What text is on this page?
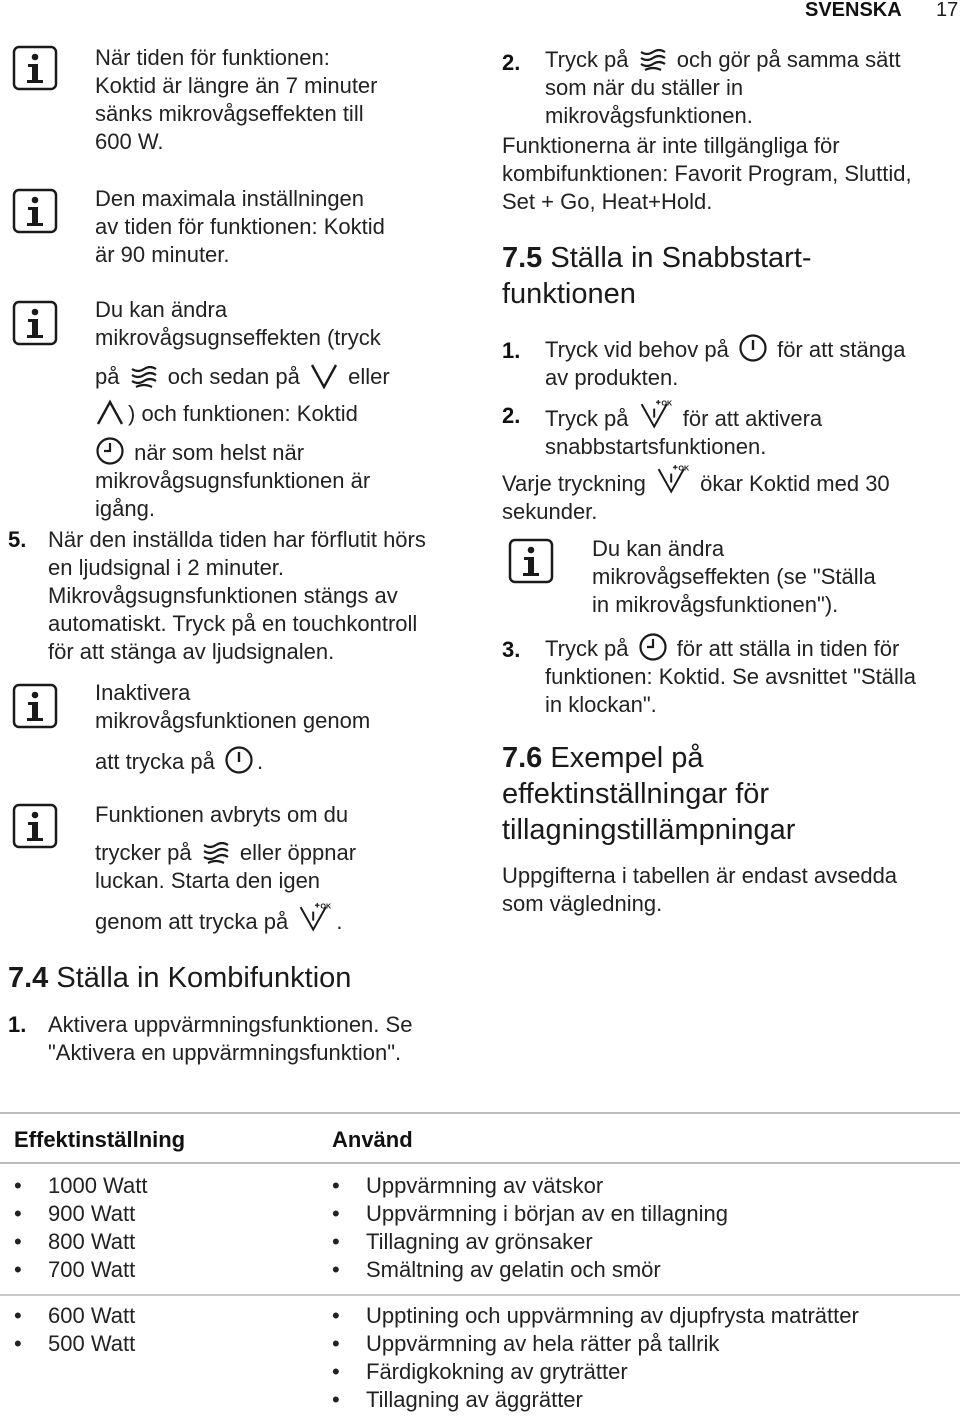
SVENSKA 17
När tiden för funktionen:
Koktid är längre än 7 minuter
sänks mikrovågseffekten till
600 W.
Den maximala inställningen
av tiden för funktionen: Koktid
är 90 minuter.
Du kan ändra
mikrovågsugnseffekten (tryck
på och sedan på eller
) och funktionen: Koktid
när som helst när
mikrovågsugnsfunktionen är
igång.
5. När den inställda tiden har förflutit hörs
en ljudsignal i 2 minuter.
Mikrovågsugnsfunktionen stängs av
automatiskt. Tryck på en touchkontroll
för att stänga av ljudsignalen.
Inaktivera
mikrovågsfunktionen genom
att trycka på .
Funktionen avbryts om du
trycker på eller öppnar
luckan. Starta den igen
genom att trycka på .
7.4 Ställa in Kombifunktion
1. Aktivera uppvärmningsfunktionen. Se
"Aktivera en uppvärmningsfunktion".
2. Tryck på och gör på samma sätt
som när du ställer in
mikrovågsfunktionen.
Funktionerna är inte tillgängliga för
kombifunktionen: Favorit Program, Sluttid,
Set + Go, Heat+Hold.
7.5 Ställa in Snabbstart-
funktionen
1. Tryck vid behov på för att stänga
av produkten.
2. Tryck på för att aktivera
snabbstartsfunktionen.
Varje tryckning ökar Koktid med 30
sekunder.
Du kan ändra
mikrovågseffekten (se "Ställa
in mikrovågsfunktionen").
3. Tryck på för att ställa in tiden för
funktionen: Koktid. Se avsnittet "Ställa
in klockan".
7.6 Exempel på
effektinställningar för
tillagningstillämpningar
Uppgifterna i tabellen är endast avsedda
som vägledning.
Effektinställning	Använd
• 1000 Watt
• 900 Watt
• 800 Watt
• 700 Watt
• Uppvärmning av vätskor
• Uppvärmning i början av en tillagning
• Tillagning av grönsaker
• Smältning av gelatin och smör
• 600 Watt
• 500 Watt
• Upptining och uppvärmning av djupfrysta maträtter
• Uppvärmning av hela rätter på tallrik
• Färdigkokning av gryträtter
• Tillagning av äggrätter
